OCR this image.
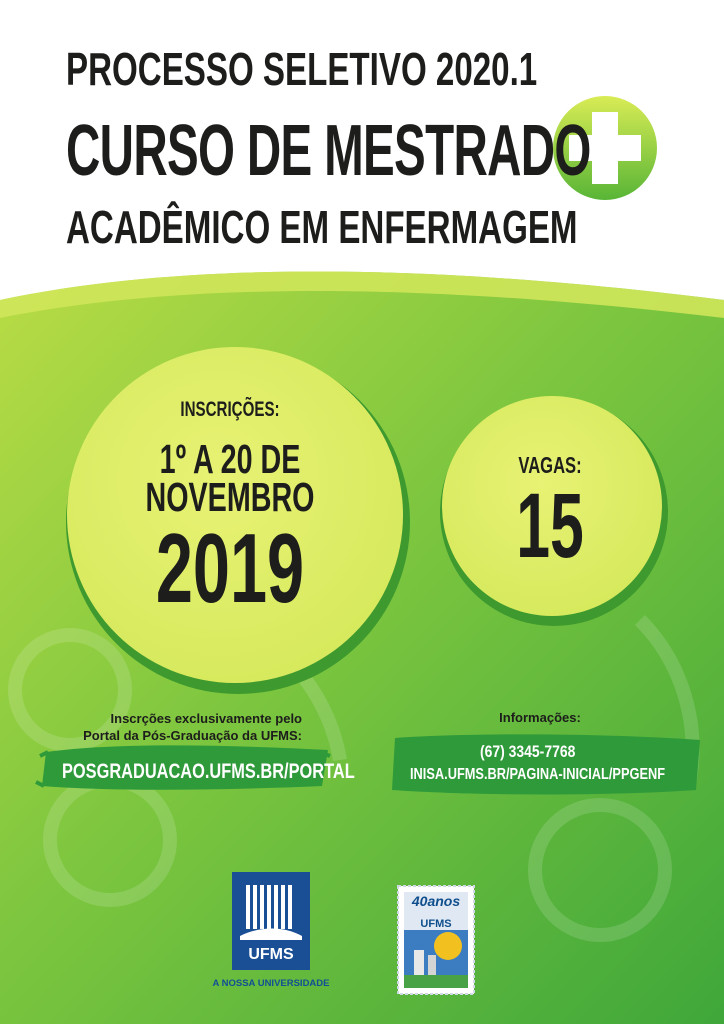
PROCESSO SELETIVO 2020.1
CURSO DE MESTRADO
ACADÊMICO EM ENFERMAGEM
INSCRIÇÕES:
1º A 20 DE
NOVEMBRO
2019
VAGAS:
15
Inscrções exclusivamente pelo Portal da Pós-Graduação da UFMS:
POSGRADUACAO.UFMS.BR/PORTAL
Informações:
(67) 3345-7768
INISA.UFMS.BR/PAGINA-INICIAL/PPGENF
UFMS
A NOSSA UNIVERSIDADE
40anos
UFMS
